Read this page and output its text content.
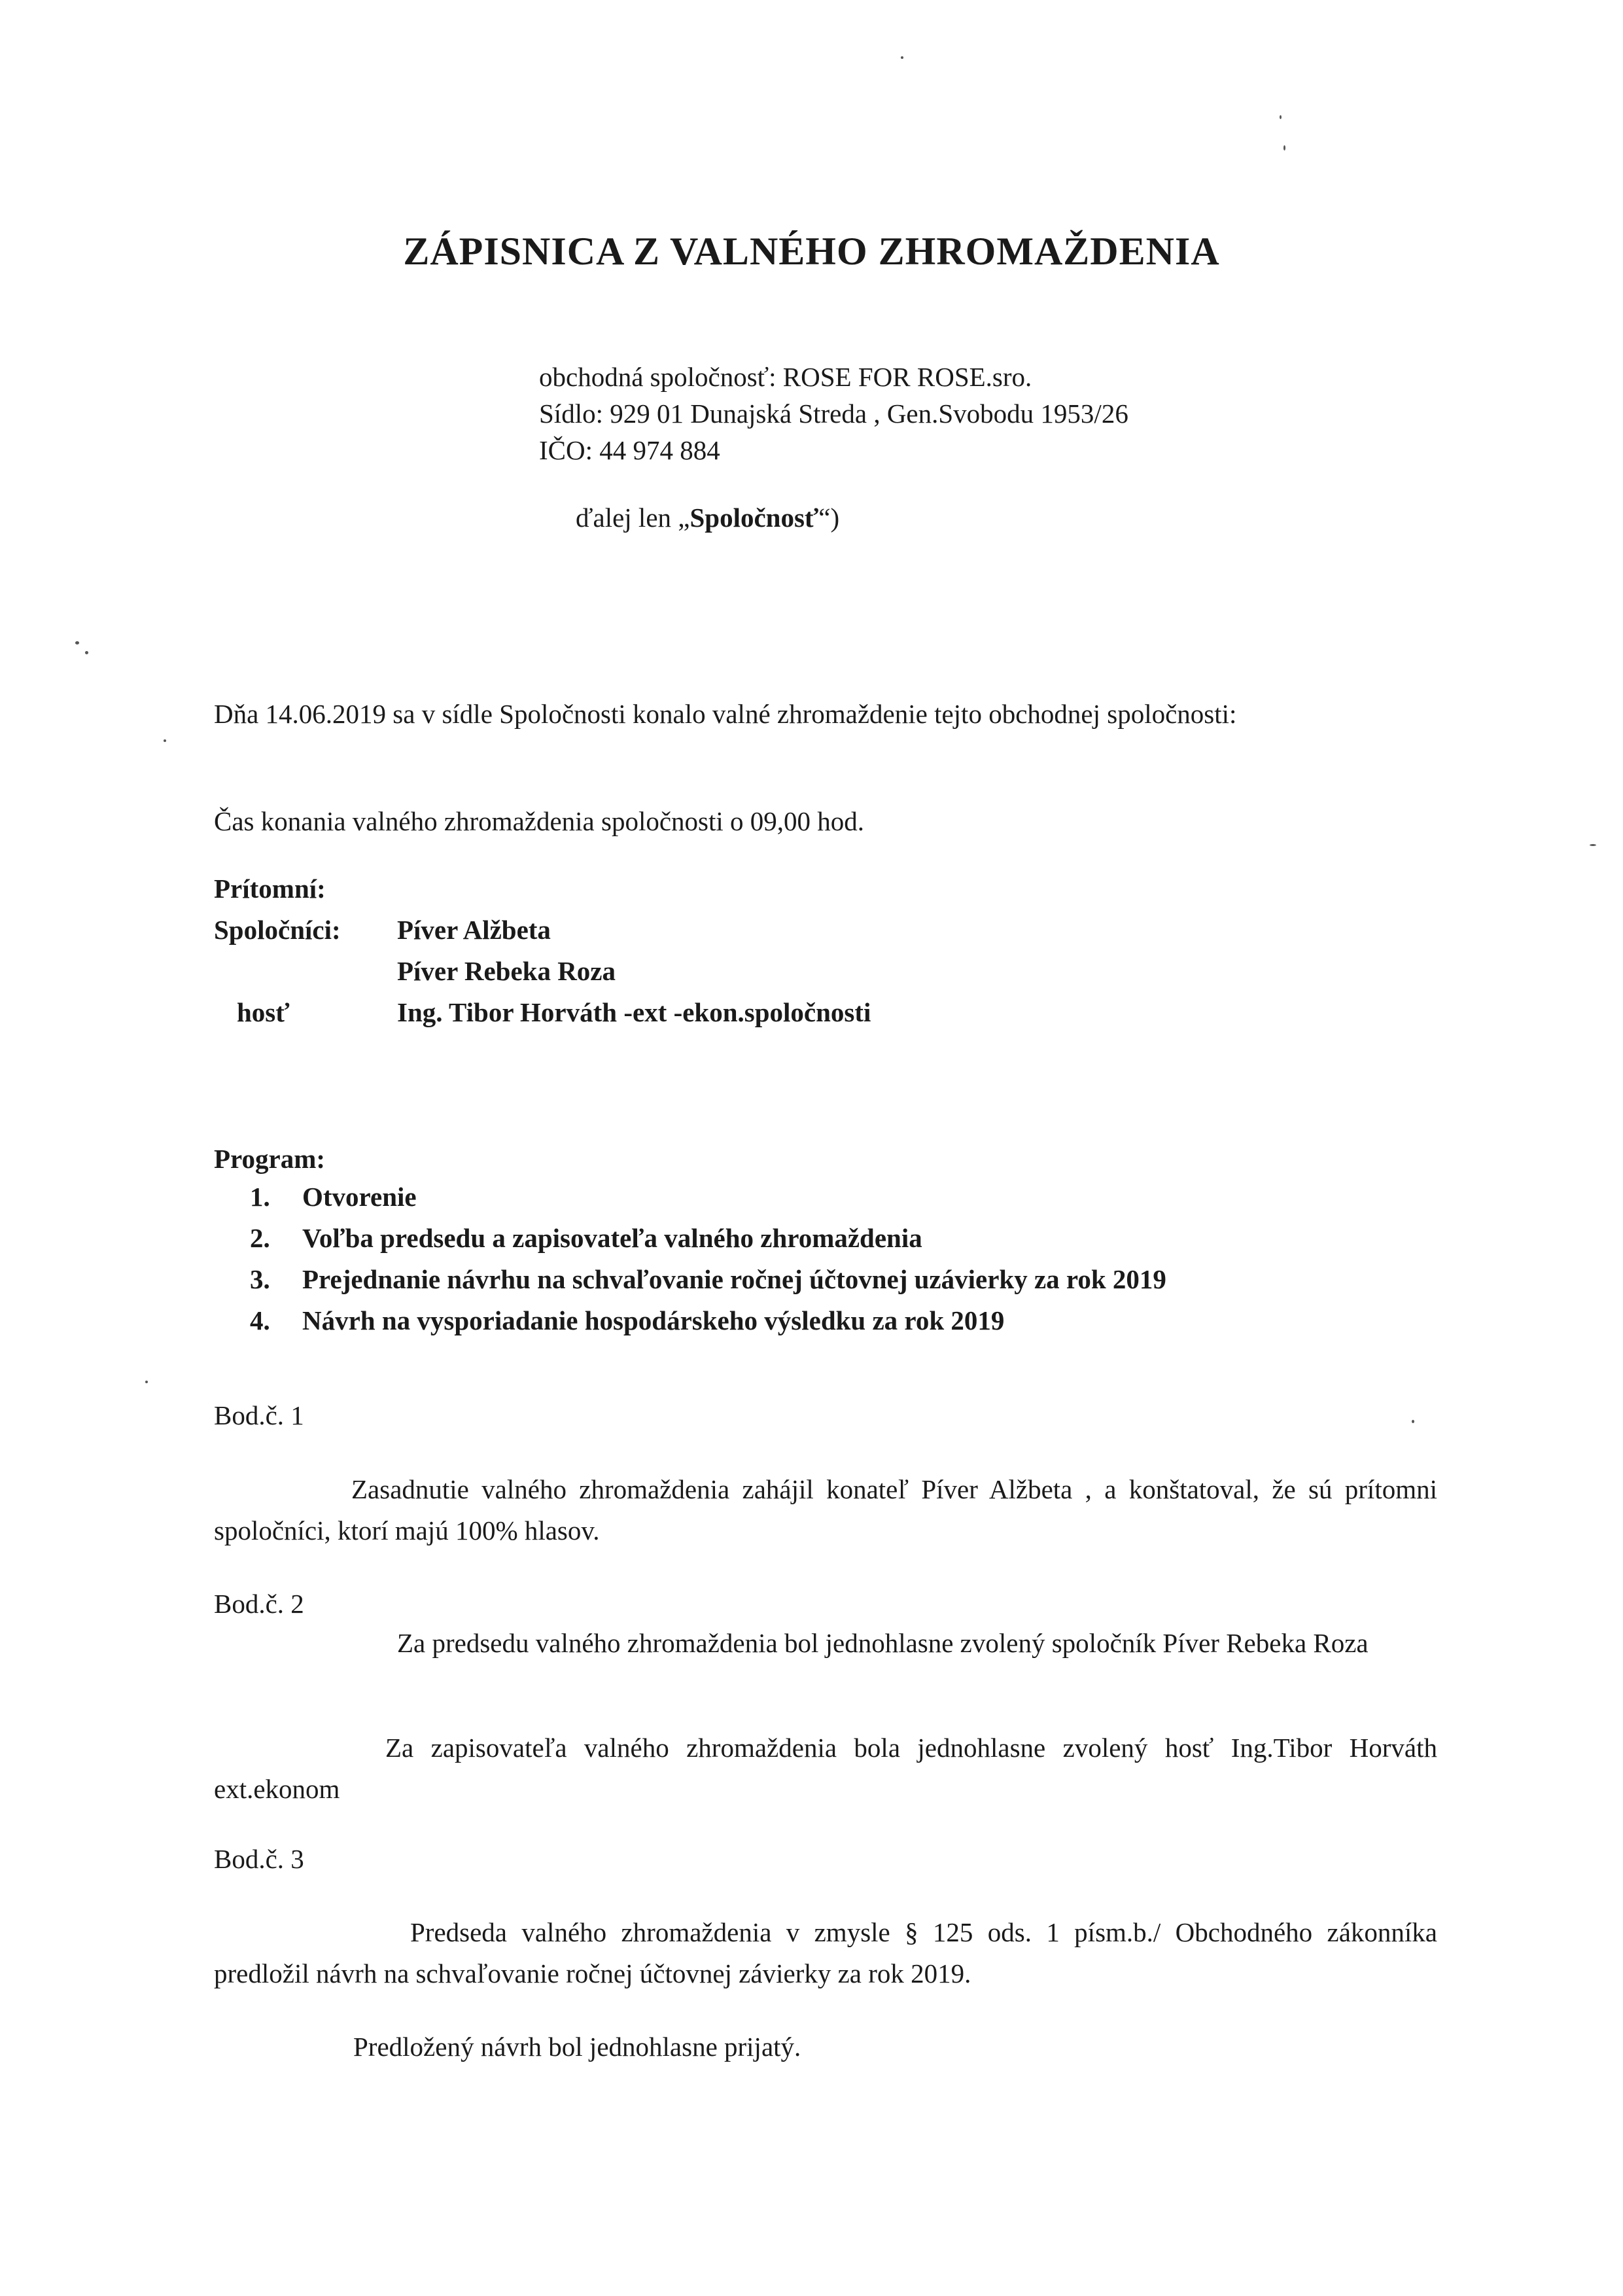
ZÁPISNICA Z VALNÉHO ZHROMAŽDENIA
obchodná spoločnosť: ROSE FOR ROSE.sro.
Sídlo: 929 01 Dunajská Streda , Gen.Svobodu 1953/26
IČO: 44 974 884
ďalej len „Spoločnosť“)
Dňa 14.06.2019 sa v sídle Spoločnosti konalo valné zhromaždenie tejto obchodnej spoločnosti:
Čas konania valného zhromaždenia spoločnosti o 09,00 hod.
Prítomní:
Spoločníci: Píver Alžbeta
Píver Rebeka Roza
hosť	Ing. Tibor Horváth -ext -ekon.spoločnosti
Program:
1. Otvorenie
2. Voľba predsedu a zapisovateľa valného zhromaždenia
3. Prejednanie návrhu na schvaľovanie ročnej účtovnej uzávierky za rok 2019
4. Návrh na vysporiadanie hospodárskeho výsledku za rok 2019
Bod.č. 1
Zasadnutie valného zhromaždenia zahájil konateľ Píver Alžbeta , a konštatoval, že sú prítomni spoločníci, ktorí majú 100% hlasov.
Bod.č. 2
Za predsedu valného zhromaždenia bol jednohlasne zvolený spoločník Píver Rebeka Roza
Za zapisovateľa valného zhromaždenia bola jednohlasne zvolený hosť Ing.Tibor Horváth ext.ekonom
Bod.č. 3
Predseda valného zhromaždenia v zmysle § 125 ods. 1 písm.b./ Obchodného zákonníka predložil návrh na schvaľovanie ročnej účtovnej závierky za rok 2019.
Predložený návrh bol jednohlasne prijatý.
